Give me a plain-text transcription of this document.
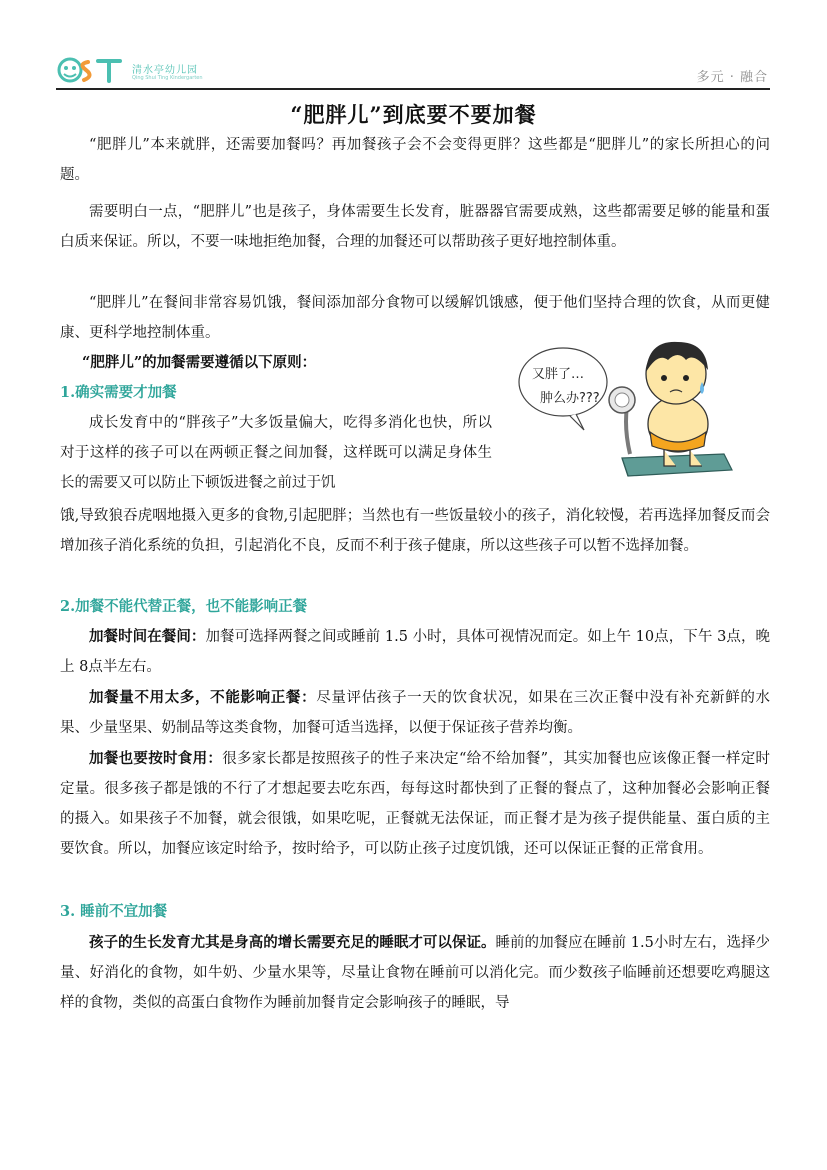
清水亭幼儿园
Qing Shui Ting Kindergarten	多元 · 融合
“肥胖儿”到底要不要加餐

“肥胖儿”本来就胖，还需要加餐吗？再加餐孩子会不会变得更胖？这些都是“肥胖儿”的家长所担心的问题。

需要明白一点，“肥胖儿”也是孩子，身体需要生长发育，脏器器官需要成熟，这些都需要足够的能量和蛋白质来保证。所以，不要一味地拒绝加餐，合理的加餐还可以帮助孩子更好地控制体重。

“肥胖儿”在餐间非常容易饥饿，餐间添加部分食物可以缓解饥饿感，便于他们坚持合理的饮食，从而更健康、更科学地控制体重。

“肥胖儿”的加餐需要遵循以下原则：

又胖了…
肿么办???

1.确实需要才加餐

成长发育中的“胖孩子”大多饭量偏大，吃得多消化也快，所以对于这样的孩子可以在两顿正餐之间加餐，这样既可以满足身体生长的需要又可以防止下顿饭进餐之前过于饥

饿,导致狼吞虎咽地摄入更多的食物,引起肥胖；当然也有一些饭量较小的孩子，消化较慢，若再选择加餐反而会增加孩子消化系统的负担，引起消化不良，反而不利于孩子健康，所以这些孩子可以暂不选择加餐。

2.加餐不能代替正餐，也不能影响正餐

加餐时间在餐间：加餐可选择两餐之间或睡前 1.5 小时，具体可视情况而定。如上午 10点，下午 3点，晚上 8点半左右。

加餐量不用太多，不能影响正餐：尽量评估孩子一天的饮食状况，如果在三次正餐中没有补充新鲜的水果、少量坚果、奶制品等这类食物，加餐可适当选择，以便于保证孩子营养均衡。

加餐也要按时食用：很多家长都是按照孩子的性子来决定“给不给加餐”，其实加餐也应该像正餐一样定时定量。很多孩子都是饿的不行了才想起要去吃东西，每每这时都快到了正餐的餐点了，这种加餐必会影响正餐的摄入。如果孩子不加餐，就会很饿，如果吃呢，正餐就无法保证，而正餐才是为孩子提供能量、蛋白质的主要饮食。所以，加餐应该定时给予，按时给予，可以防止孩子过度饥饿，还可以保证正餐的正常食用。

3. 睡前不宜加餐

孩子的生长发育尤其是身高的增长需要充足的睡眠才可以保证。睡前的加餐应在睡前 1.5小时左右，选择少量、好消化的食物，如牛奶、少量水果等，尽量让食物在睡前可以消化完。而少数孩子临睡前还想要吃鸡腿这样的食物，类似的高蛋白食物作为睡前加餐肯定会影响孩子的睡眠，导
